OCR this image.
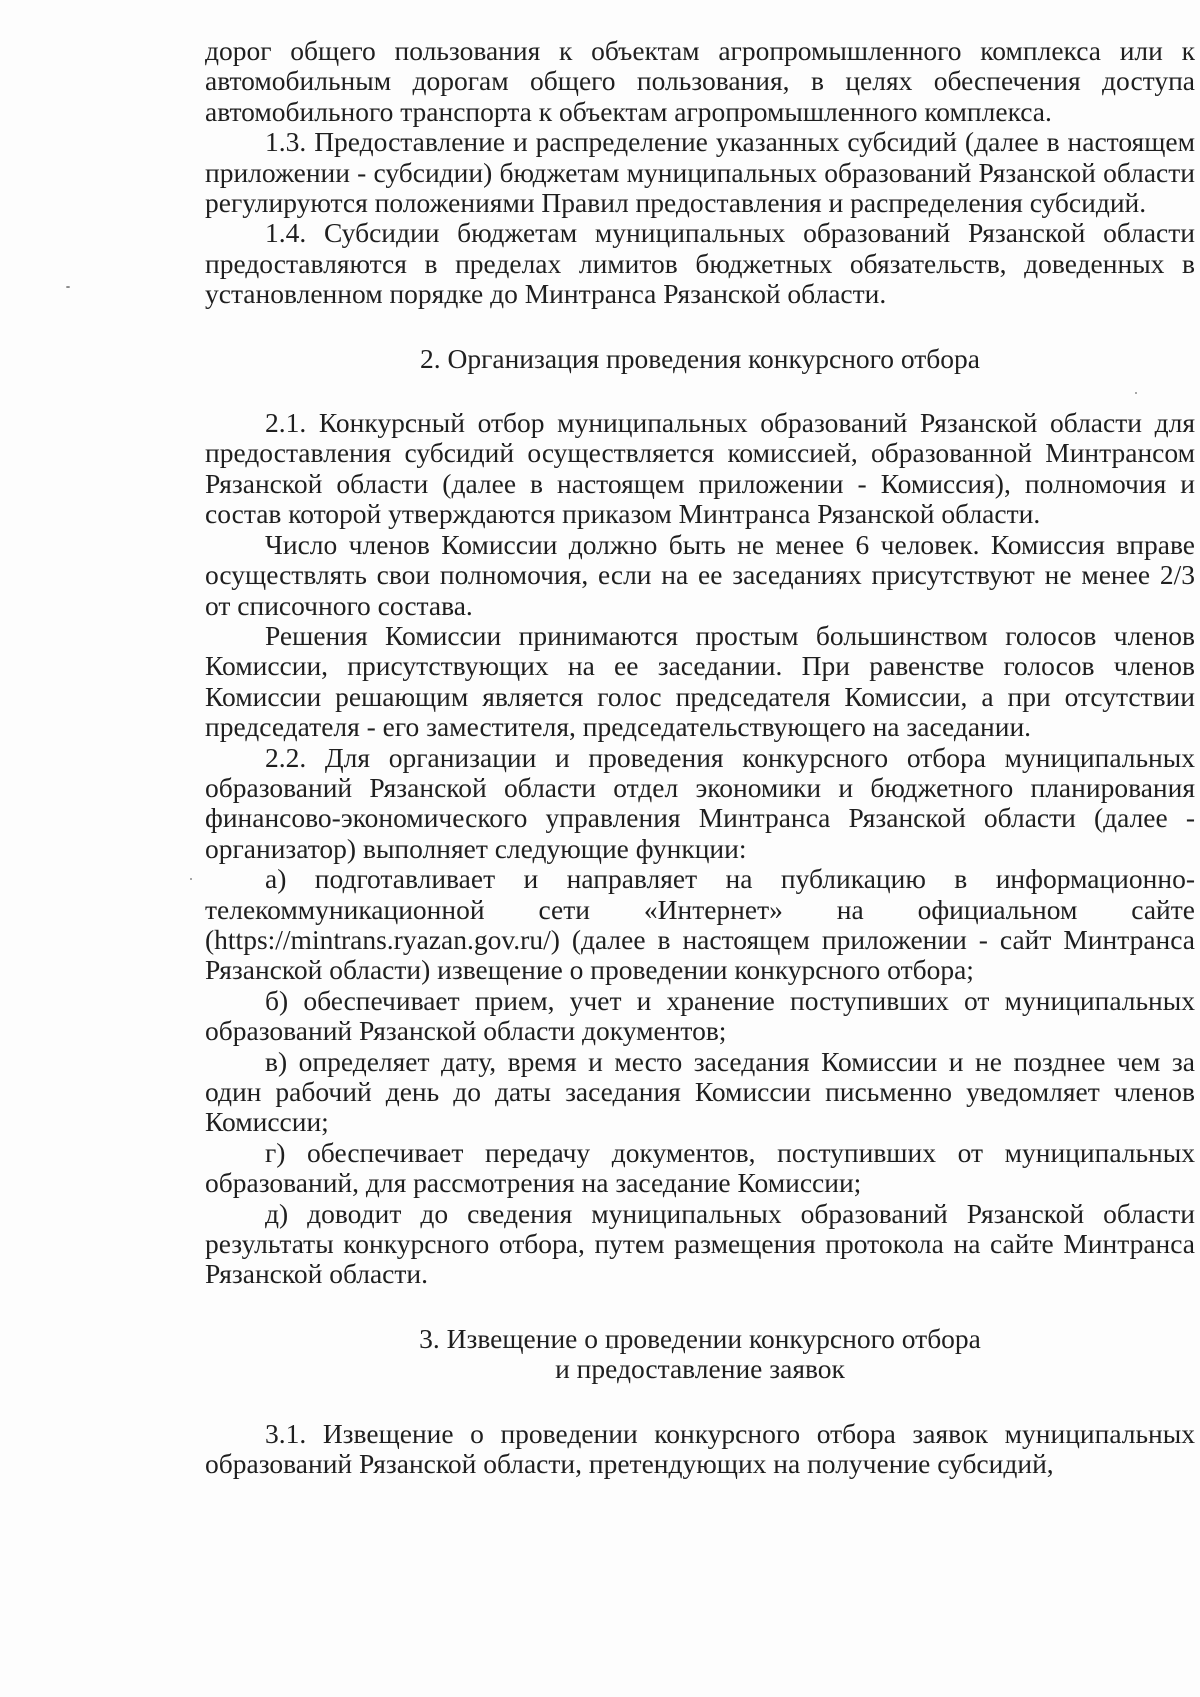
дорог общего пользования к объектам агропромышленного комплекса или к автомобильным дорогам общего пользования, в целях обеспечения доступа автомобильного транспорта к объектам агропромышленного комплекса.

1.3. Предоставление и распределение указанных субсидий (далее в настоящем приложении - субсидии) бюджетам муниципальных образований Рязанской области регулируются положениями Правил предоставления и распределения субсидий.

1.4. Субсидии бюджетам муниципальных образований Рязанской области предоставляются в пределах лимитов бюджетных обязательств, доведенных в установленном порядке до Минтранса Рязанской области.

2. Организация проведения конкурсного отбора

2.1. Конкурсный отбор муниципальных образований Рязанской области для предоставления субсидий осуществляется комиссией, образованной Минтрансом Рязанской области (далее в настоящем приложении - Комиссия), полномочия и состав которой утверждаются приказом Минтранса Рязанской области.

Число членов Комиссии должно быть не менее 6 человек. Комиссия вправе осуществлять свои полномочия, если на ее заседаниях присутствуют не менее 2/3 от списочного состава.

Решения Комиссии принимаются простым большинством голосов членов Комиссии, присутствующих на ее заседании. При равенстве голосов членов Комиссии решающим является голос председателя Комиссии, а при отсутствии председателя - его заместителя, председательствующего на заседании.

2.2. Для организации и проведения конкурсного отбора муниципальных образований Рязанской области отдел экономики и бюджетного планирования финансово-экономического управления Минтранса Рязанской области (далее - организатор) выполняет следующие функции:

а) подготавливает и направляет на публикацию в информационно-телекоммуникационной сети «Интернет» на официальном сайте (https://mintrans.ryazan.gov.ru/) (далее в настоящем приложении - сайт Минтранса Рязанской области) извещение о проведении конкурсного отбора;

б) обеспечивает прием, учет и хранение поступивших от муниципальных образований Рязанской области документов;

в) определяет дату, время и место заседания Комиссии и не позднее чем за один рабочий день до даты заседания Комиссии письменно уведомляет членов Комиссии;

г) обеспечивает передачу документов, поступивших от муниципальных образований, для рассмотрения на заседание Комиссии;

д) доводит до сведения муниципальных образований Рязанской области результаты конкурсного отбора, путем размещения протокола на сайте Минтранса Рязанской области.

3. Извещение о проведении конкурсного отбора
и предоставление заявок

3.1. Извещение о проведении конкурсного отбора заявок муниципальных образований Рязанской области, претендующих на получение субсидий,
